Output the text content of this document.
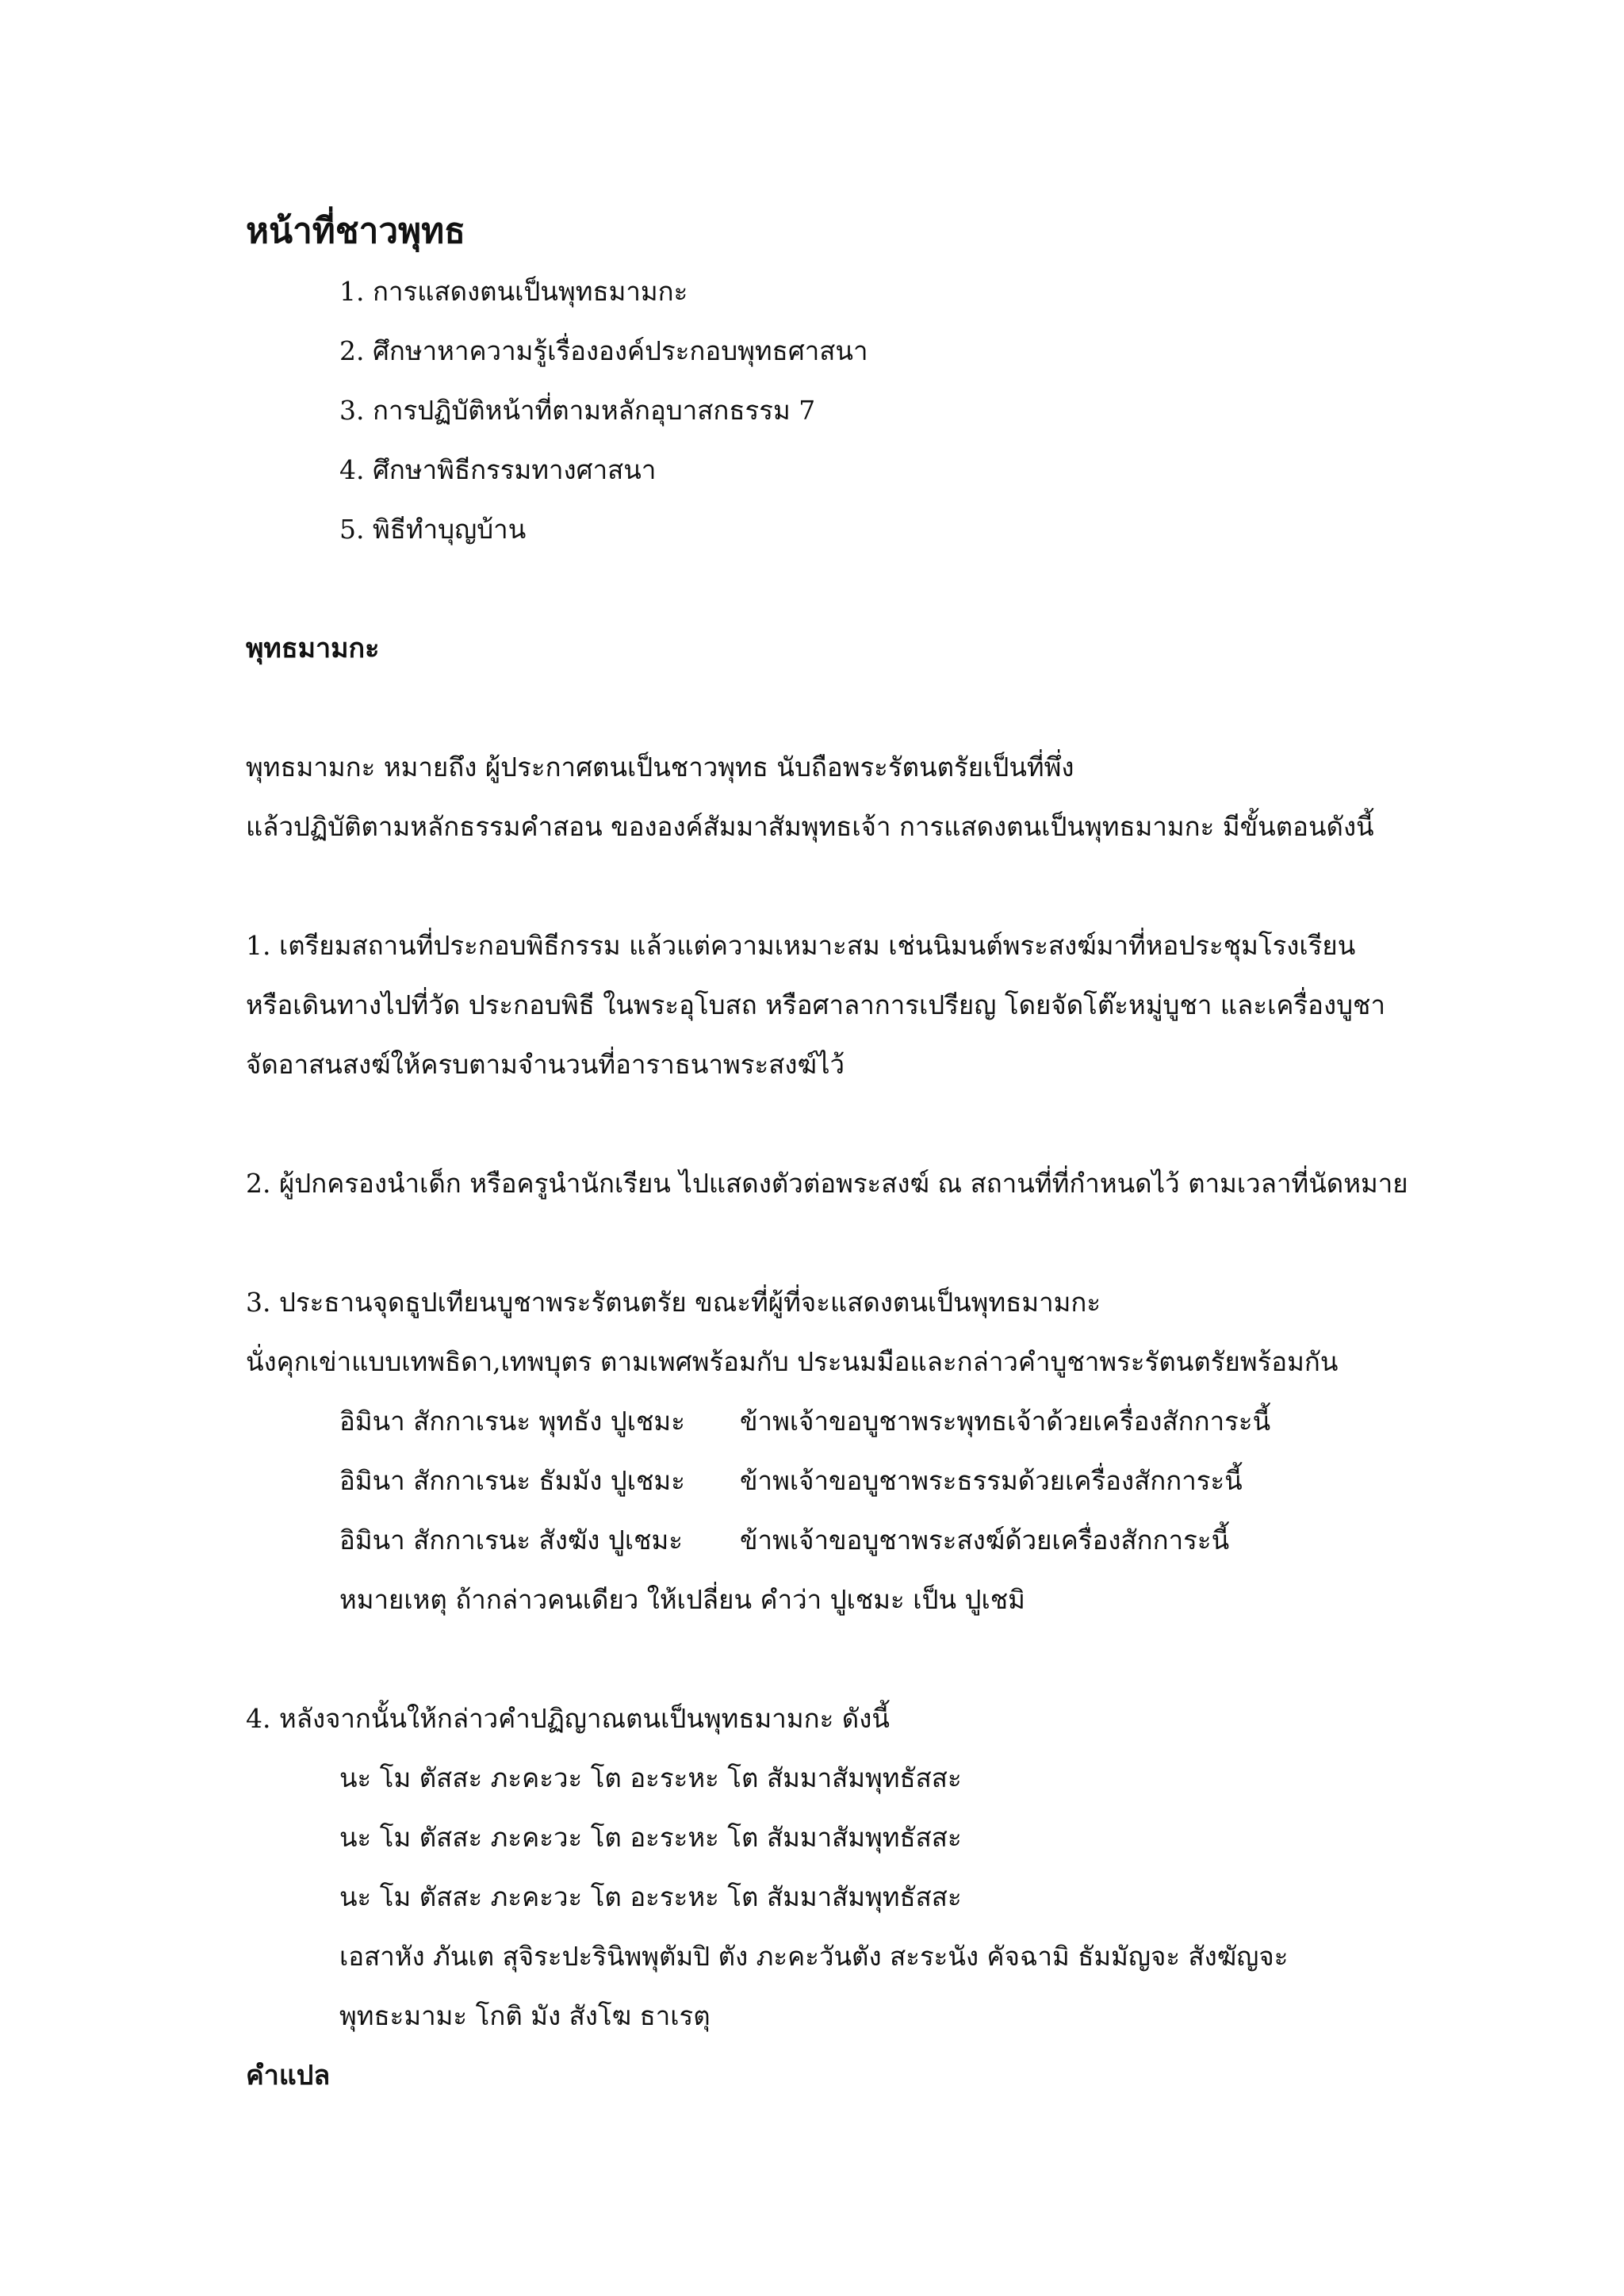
หน้าที่ชาวพุทธ
1. การแสดงตนเป็นพุทธมามกะ
2. ศึกษาหาความรู้เรื่ององค์ประกอบพุทธศาสนา
3. การปฏิบัติหน้าที่ตามหลักอุบาสกธรรม 7
4. ศึกษาพิธีกรรมทางศาสนา
5. พิธีทำบุญบ้าน
พุทธมามกะ
พุทธมามกะ หมายถึง ผู้ประกาศตนเป็นชาวพุทธ นับถือพระรัตนตรัยเป็นที่พึ่ง
แล้วปฏิบัติตามหลักธรรมคำสอน ขององค์สัมมาสัมพุทธเจ้า การแสดงตนเป็นพุทธมามกะ มีขั้นตอนดังนี้
1. เตรียมสถานที่ประกอบพิธีกรรม แล้วแต่ความเหมาะสม เช่นนิมนต์พระสงฆ์มาที่หอประชุมโรงเรียน
หรือเดินทางไปที่วัด ประกอบพิธี ในพระอุโบสถ หรือศาลาการเปรียญ โดยจัดโต๊ะหมู่บูชา และเครื่องบูชา
จัดอาสนสงฆ์ให้ครบตามจำนวนที่อาราธนาพระสงฆ์ไว้
2. ผู้ปกครองนำเด็ก หรือครูนำนักเรียน ไปแสดงตัวต่อพระสงฆ์ ณ สถานที่ที่กำหนดไว้ ตามเวลาที่นัดหมาย
3. ประธานจุดธูปเทียนบูชาพระรัตนตรัย ขณะที่ผู้ที่จะแสดงตนเป็นพุทธมามกะ
นั่งคุกเข่าแบบเทพธิดา,เทพบุตร ตามเพศพร้อมกับ ประนมมือและกล่าวคำบูชาพระรัตนตรัยพร้อมกัน
อิมินา สักกาเรนะ พุทธัง ปูเชมะ ข้าพเจ้าขอบูชาพระพุทธเจ้าด้วยเครื่องสักการะนี้
อิมินา สักกาเรนะ ธัมมัง ปูเชมะ ข้าพเจ้าขอบูชาพระธรรมด้วยเครื่องสักการะนี้
อิมินา สักกาเรนะ สังฆัง ปูเชมะ ข้าพเจ้าขอบูชาพระสงฆ์ด้วยเครื่องสักการะนี้
หมายเหตุ ถ้ากล่าวคนเดียว ให้เปลี่ยน คำว่า ปูเชมะ เป็น ปูเชมิ
4. หลังจากนั้นให้กล่าวคำปฏิญาณตนเป็นพุทธมามกะ ดังนี้
นะ โม ตัสสะ ภะคะวะ โต อะระหะ โต สัมมาสัมพุทธัสสะ
นะ โม ตัสสะ ภะคะวะ โต อะระหะ โต สัมมาสัมพุทธัสสะ
นะ โม ตัสสะ ภะคะวะ โต อะระหะ โต สัมมาสัมพุทธัสสะ
เอสาหัง ภันเต สุจิระปะรินิพพุตัมปิ ตัง ภะคะวันตัง สะระนัง คัจฉามิ ธัมมัญจะ สังฆัญจะ
พุทธะมามะ โกติ มัง สังโฆ ธาเรตุ
คำแปล
